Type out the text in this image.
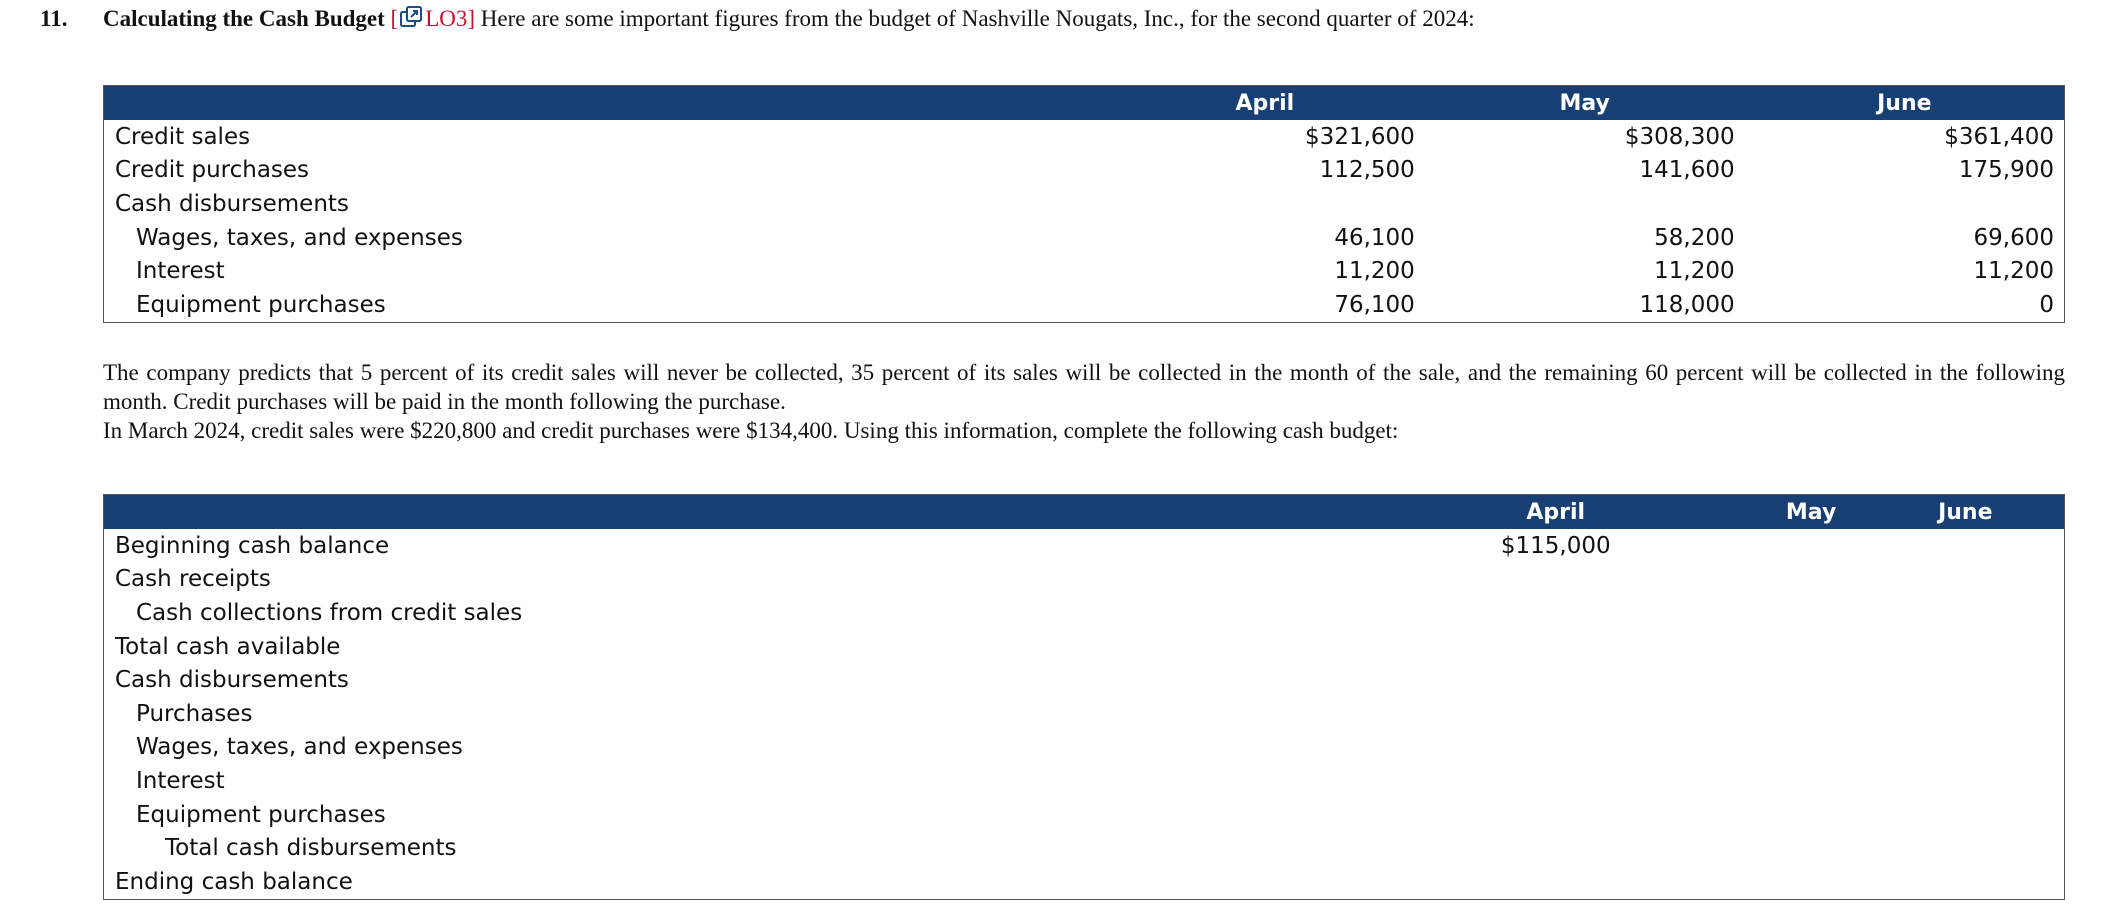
11. Calculating the Cash Budget [ LO3] Here are some important figures from the budget of Nashville Nougats, Inc., for the second quarter of 2024:
	April	May	June
Credit sales	$321,600	$308,300	$361,400
Credit purchases	112,500	141,600	175,900
Cash disbursements			
Wages, taxes, and expenses	46,100	58,200	69,600
Interest	11,200	11,200	11,200
Equipment purchases	76,100	118,000	0

The company predicts that 5 percent of its credit sales will never be collected, 35 percent of its sales will be collected in the month of the sale, and the remaining 60 percent will be collected in the following month. Credit purchases will be paid in the month following the purchase.

In March 2024, credit sales were $220,800 and credit purchases were $134,400. Using this information, complete the following cash budget:

	April	May	June
Beginning cash balance	$115,000		
Cash receipts			
Cash collections from credit sales			
Total cash available			
Cash disbursements			
Purchases			
Wages, taxes, and expenses			
Interest			
Equipment purchases			
Total cash disbursements			
Ending cash balance			
